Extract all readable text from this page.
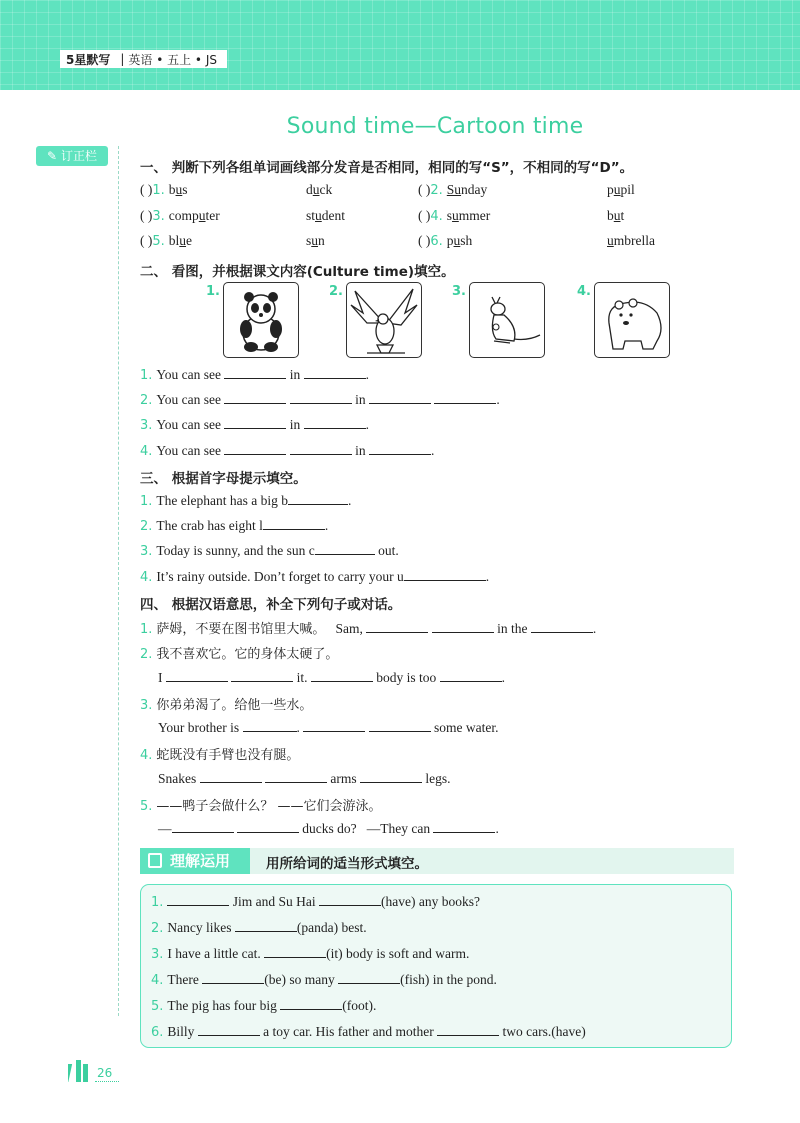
5星默写 | 英语 • 五上 • JS
Sound time—Cartoon time
✎ 订正栏
一、 判断下列各组单词画线部分发音是否相同，相同的写“S”，不相同的写“D”。
( )1. bus	duck	( )2. Sunday	pupil
( )3. computer	student	( )4. summer	but
( )5. blue	sun	( )6. push	umbrella
二、 看图，并根据课文内容(Culture time)填空。
1.	2.	3.	4.
1. You can see	in	.
2. You can see	in	.
3. You can see	in	.
4. You can see	in	.
三、 根据首字母提示填空。
1. The elephant has a big b	.
2. The crab has eight l	.
3. Today is sunny, and the sun c	out.
4. It’s rainy outside. Don’t forget to carry your u	.
四、 根据汉语意思，补全下列句子或对话。
1. 萨姆，不要在图书馆里大喊。 Sam,	in the	.
2. 我不喜欢它。它的身体太硬了。
I	it.	body is too	.
3. 你弟弟渴了。给他一些水。
Your brother is	.	some water.
4. 蛇既没有手臂也没有腿。
Snakes	arms	legs.
5. ——鸭子会做什么？ ——它们会游泳。
—	ducks do? —They can	.
理解运用	用所给词的适当形式填空。
1.	Jim and Su Hai	(have) any books?
2. Nancy likes	(panda) best.
3. I have a little cat.	(it) body is soft and warm.
4. There	(be) so many	(fish) in the pond.
5. The pig has four big	(foot).
6. Billy	a toy car. His father and mother	two cars.(have)
26
